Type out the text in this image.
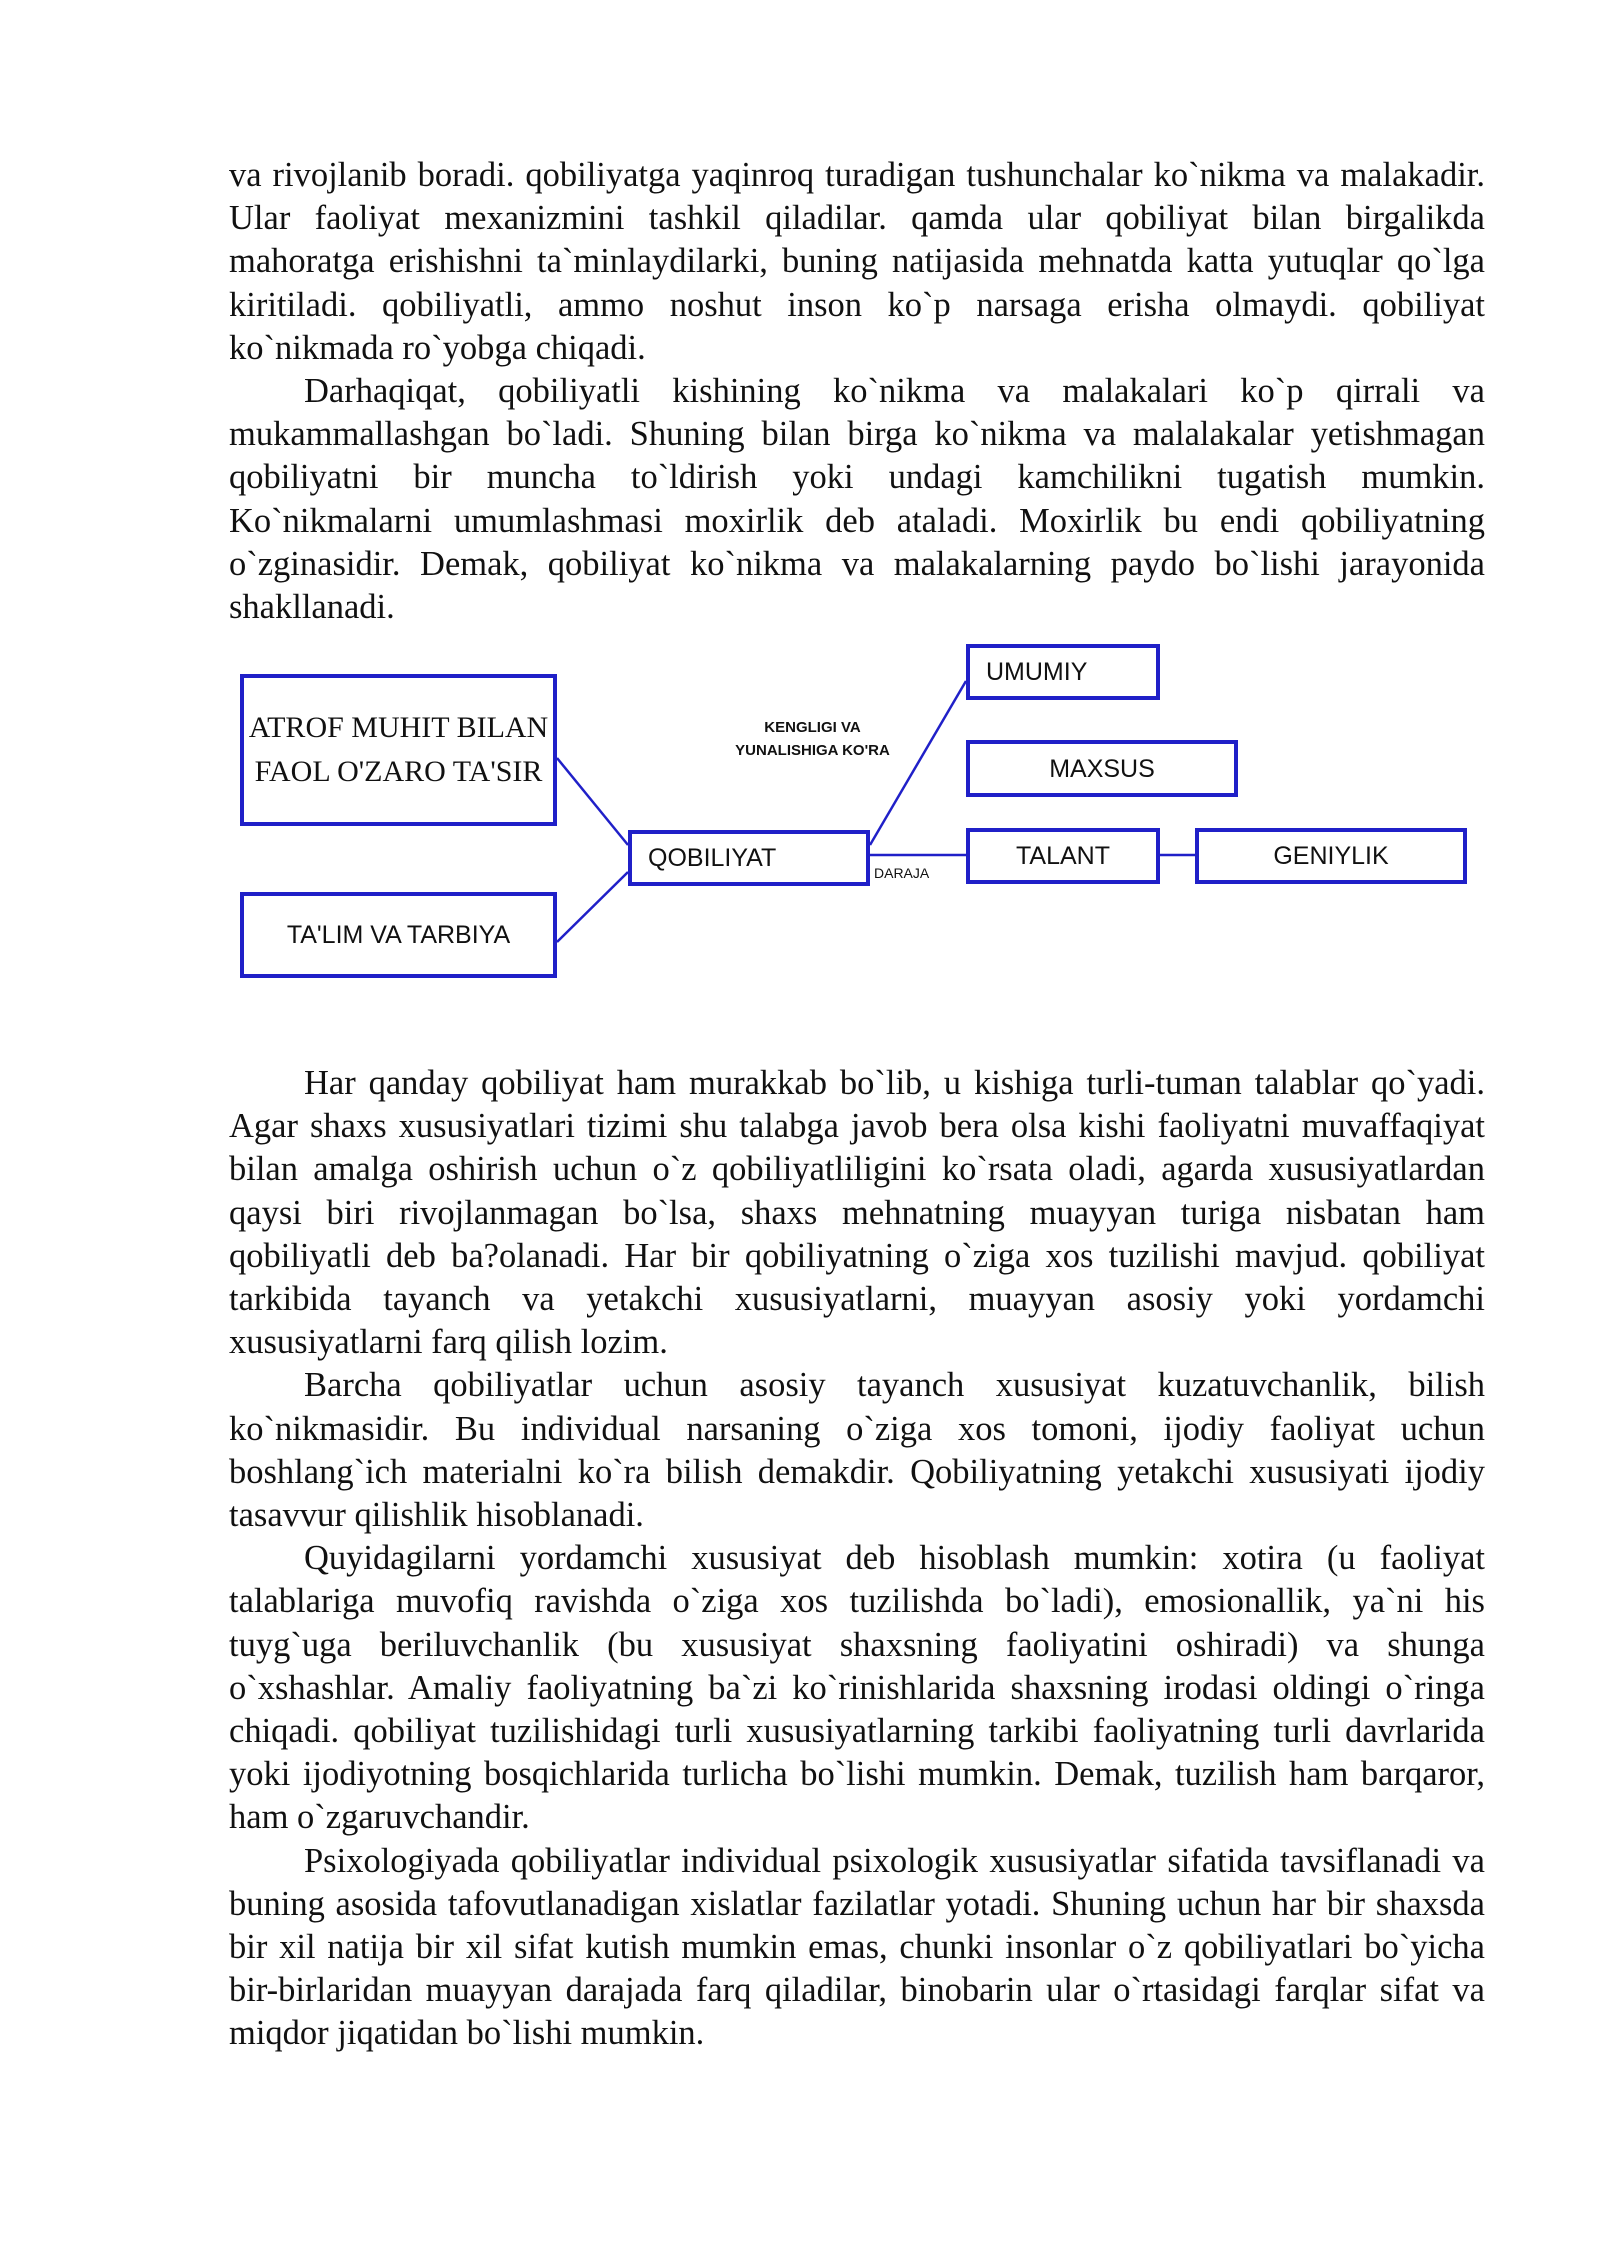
va rivojlanib boradi. qobiliyatga yaqinroq turadigan tushunchalar ko`nikma va malakadir. Ular faoliyat mexanizmini tashkil qiladilar. qamda ular qobiliyat bilan birgalikda mahoratga erishishni ta`minlaydilarki, buning natijasida mehnatda katta yutuqlar qo`lga kiritiladi. qobiliyatli, ammo noshut inson ko`p narsaga erisha olmaydi. qobiliyat ko`nikmada ro`yobga chiqadi.

Darhaqiqat, qobiliyatli kishining ko`nikma va malakalari ko`p qirrali va mukammallashgan bo`ladi. Shuning bilan birga ko`nikma va malalakalar yetishmagan qobiliyatni bir muncha to`ldirish yoki undagi kamchilikni tugatish mumkin. Ko`nikmalarni umumlashmasi moxirlik deb ataladi. Moxirlik bu endi qobiliyatning o`zginasidir. Demak, qobiliyat ko`nikma va malakalarning paydo bo`lishi jarayonida shakllanadi.

ATROF MUHIT BILAN FAOL O'ZARO TA'SIR
TA'LIM VA TARBIYA
QOBILIYAT
UMUMIY
MAXSUS
TALANT	GENIYLIK
KENGLIGI VA YUNALISHIGA KO'RA
DARAJA

Har qanday qobiliyat ham murakkab bo`lib, u kishiga turli-tuman talablar qo`yadi. Agar shaxs xususiyatlari tizimi shu talabga javob bera olsa kishi faoliyatni muvaffaqiyat bilan amalga oshirish uchun o`z qobiliyatliligini ko`rsata oladi, agarda xususiyatlardan qaysi biri rivojlanmagan bo`lsa, shaxs mehnatning muayyan turiga nisbatan ham qobiliyatli deb ba?olanadi. Har bir qobiliyatning o`ziga xos tuzilishi mavjud. qobiliyat tarkibida tayanch va yetakchi xususiyatlarni, muayyan asosiy yoki yordamchi xususiyatlarni farq qilish lozim.

Barcha qobiliyatlar uchun asosiy tayanch xususiyat kuzatuvchanlik, bilish ko`nikmasidir. Bu individual narsaning o`ziga xos tomoni, ijodiy faoliyat uchun boshlang`ich materialni ko`ra bilish demakdir. Qobiliyatning yetakchi xususiyati ijodiy tasavvur qilishlik hisoblanadi.

Quyidagilarni yordamchi xususiyat deb hisoblash mumkin: xotira (u faoliyat talablariga muvofiq ravishda o`ziga xos tuzilishda bo`ladi), emosionallik, ya`ni his tuyg`uga beriluvchanlik (bu xususiyat shaxsning faoliyatini oshiradi) va shunga o`xshashlar. Amaliy faoliyatning ba`zi ko`rinishlarida shaxsning irodasi oldingi o`ringa chiqadi. qobiliyat tuzilishidagi turli xususiyatlarning tarkibi faoliyatning turli davrlarida yoki ijodiyotning bosqichlarida turlicha bo`lishi mumkin. Demak, tuzilish ham barqaror, ham o`zgaruvchandir.

Psixologiyada qobiliyatlar individual psixologik xususiyatlar sifatida tavsiflanadi va buning asosida tafovutlanadigan xislatlar fazilatlar yotadi. Shuning uchun har bir shaxsda bir xil natija bir xil sifat kutish mumkin emas, chunki insonlar o`z qobiliyatlari bo`yicha bir-birlaridan muayyan darajada farq qiladilar, binobarin ular o`rtasidagi farqlar sifat va miqdor jiqatidan bo`lishi mumkin.
